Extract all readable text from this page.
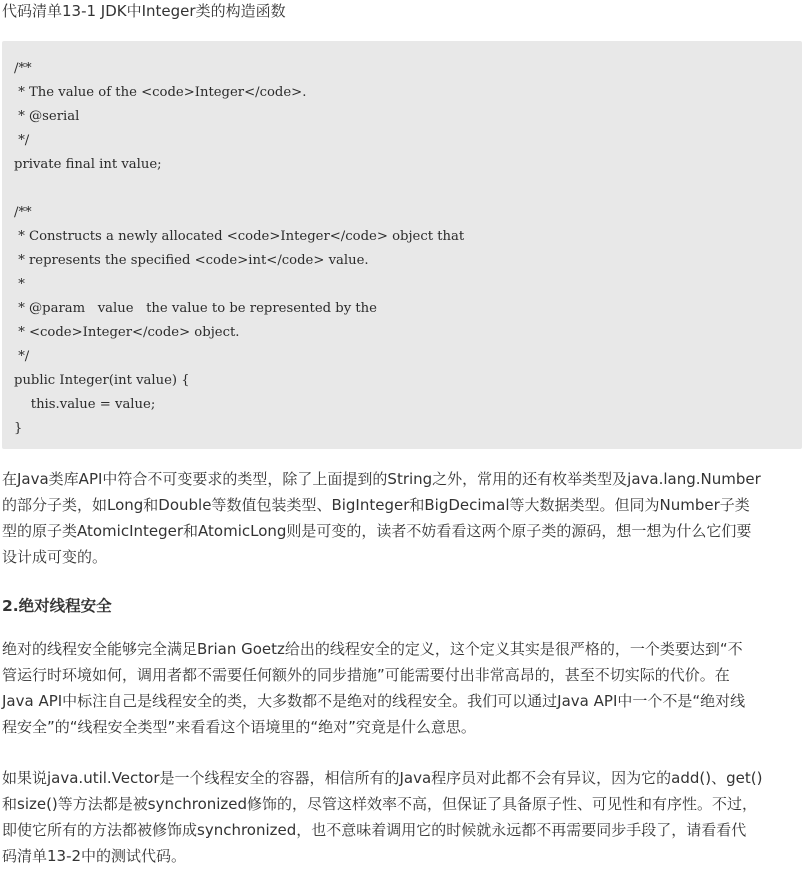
代码清单13-1 JDK中Integer类的构造函数
/**
* The value of the <code>Integer</code>.
* @serial
*/
private final int value;
/**
* Constructs a newly allocated <code>Integer</code> object that
* represents the specified <code>int</code> value.
*
* @param   value   the value to be represented by the
* <code>Integer</code> object.
*/
public Integer(int value) {
this.value = value;
}
在Java类库API中符合不可变要求的类型，除了上面提到的String之外，常用的还有枚举类型及java.lang.Number
的部分子类，如Long和Double等数值包装类型、BigInteger和BigDecimal等大数据类型。但同为Number子类
型的原子类AtomicInteger和AtomicLong则是可变的，读者不妨看看这两个原子类的源码，想一想为什么它们要
设计成可变的。
2.绝对线程安全
绝对的线程安全能够完全满足Brian Goetz给出的线程安全的定义，这个定义其实是很严格的，一个类要达到“不
管运行时环境如何，调用者都不需要任何额外的同步措施”可能需要付出非常高昂的，甚至不切实际的代价。在
Java API中标注自己是线程安全的类，大多数都不是绝对的线程安全。我们可以通过Java API中一个不是“绝对线
程安全”的“线程安全类型”来看看这个语境里的“绝对”究竟是什么意思。
如果说java.util.Vector是一个线程安全的容器，相信所有的Java程序员对此都不会有异议，因为它的add()、get()
和size()等方法都是被synchronized修饰的，尽管这样效率不高，但保证了具备原子性、可见性和有序性。不过，
即使它所有的方法都被修饰成synchronized，也不意味着调用它的时候就永远都不再需要同步手段了，请看看代
码清单13-2中的测试代码。
